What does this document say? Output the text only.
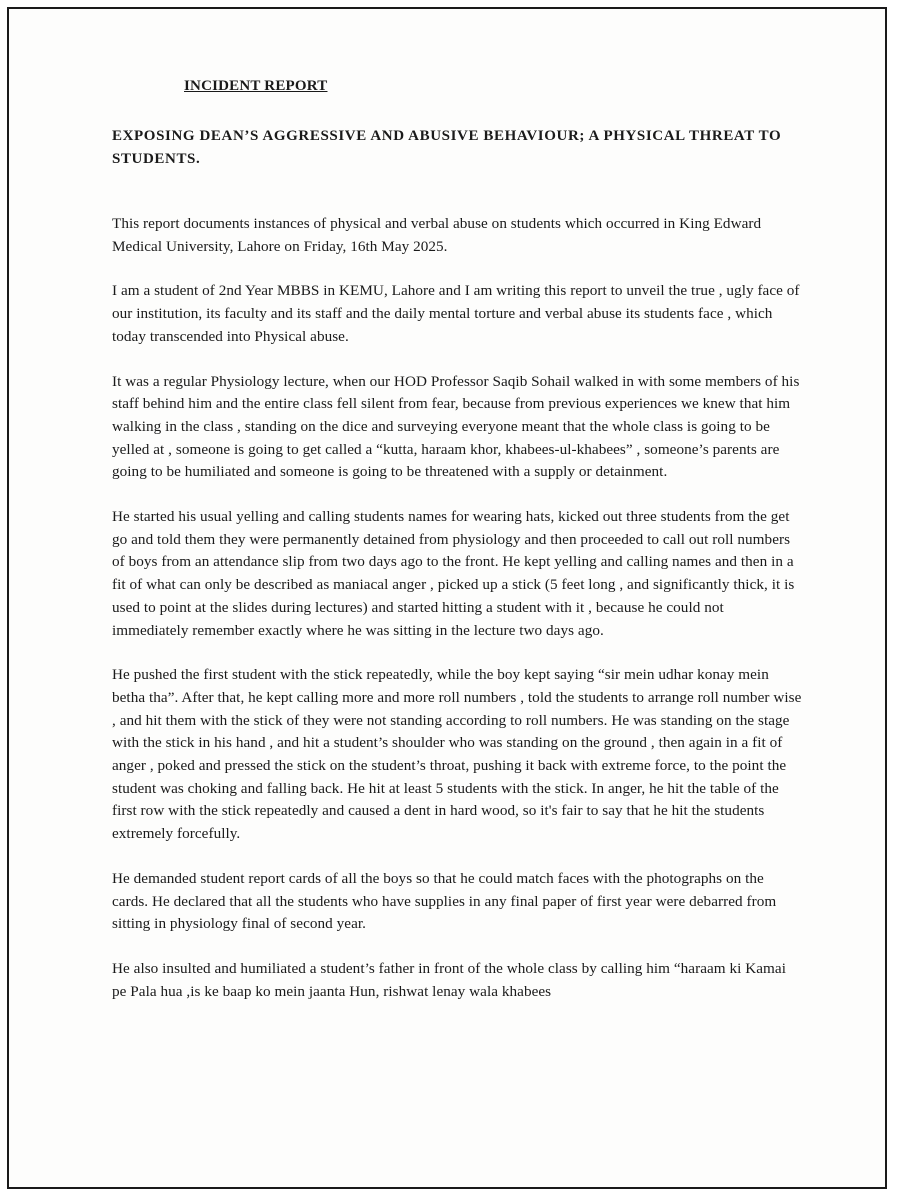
INCIDENT REPORT
EXPOSING DEAN’S AGGRESSIVE AND ABUSIVE BEHAVIOUR; A PHYSICAL THREAT TO STUDENTS.

This report documents instances of physical and verbal abuse on students which occurred in King Edward Medical University, Lahore on Friday, 16th May 2025.

I am a student of 2nd Year MBBS in KEMU, Lahore and I am writing this report to unveil the true , ugly face of our institution, its faculty and its staff and the daily mental torture and verbal abuse its students face , which today transcended into Physical abuse.

It was a regular Physiology lecture, when our HOD Professor Saqib Sohail walked in with some members of his staff behind him and the entire class fell silent from fear, because from previous experiences we knew that him walking in the class , standing on the dice and surveying everyone meant that the whole class is going to be yelled at , someone is going to get called a “kutta, haraam khor, khabees-ul-khabees” , someone’s parents are going to be humiliated and someone is going to be threatened with a supply or detainment.

He started his usual yelling and calling students names for wearing hats, kicked out three students from the get go and told them they were permanently detained from physiology and then proceeded to call out roll numbers of boys from an attendance slip from two days ago to the front. He kept yelling and calling names and then in a fit of what can only be described as maniacal anger , picked up a stick (5 feet long , and significantly thick, it is used to point at the slides during lectures) and started hitting a student with it , because he could not immediately remember exactly where he was sitting in the lecture two days ago.

He pushed the first student with the stick repeatedly, while the boy kept saying “sir mein udhar konay mein betha tha”. After that, he kept calling more and more roll numbers , told the students to arrange roll number wise , and hit them with the stick of they were not standing according to roll numbers. He was standing on the stage with the stick in his hand , and hit a student’s shoulder who was standing on the ground , then again in a fit of anger , poked and pressed the stick on the student’s throat, pushing it back with extreme force, to the point the student was choking and falling back. He hit at least 5 students with the stick. In anger, he hit the table of the first row with the stick repeatedly and caused a dent in hard wood, so it's fair to say that he hit the students extremely forcefully.

He demanded student report cards of all the boys so that he could match faces with the photographs on the cards. He declared that all the students who have supplies in any final paper of first year were debarred from sitting in physiology final of second year.

He also insulted and humiliated a student’s father in front of the whole class by calling him “haraam ki Kamai pe Pala hua ,is ke baap ko mein jaanta Hun, rishwat lenay wala khabees
